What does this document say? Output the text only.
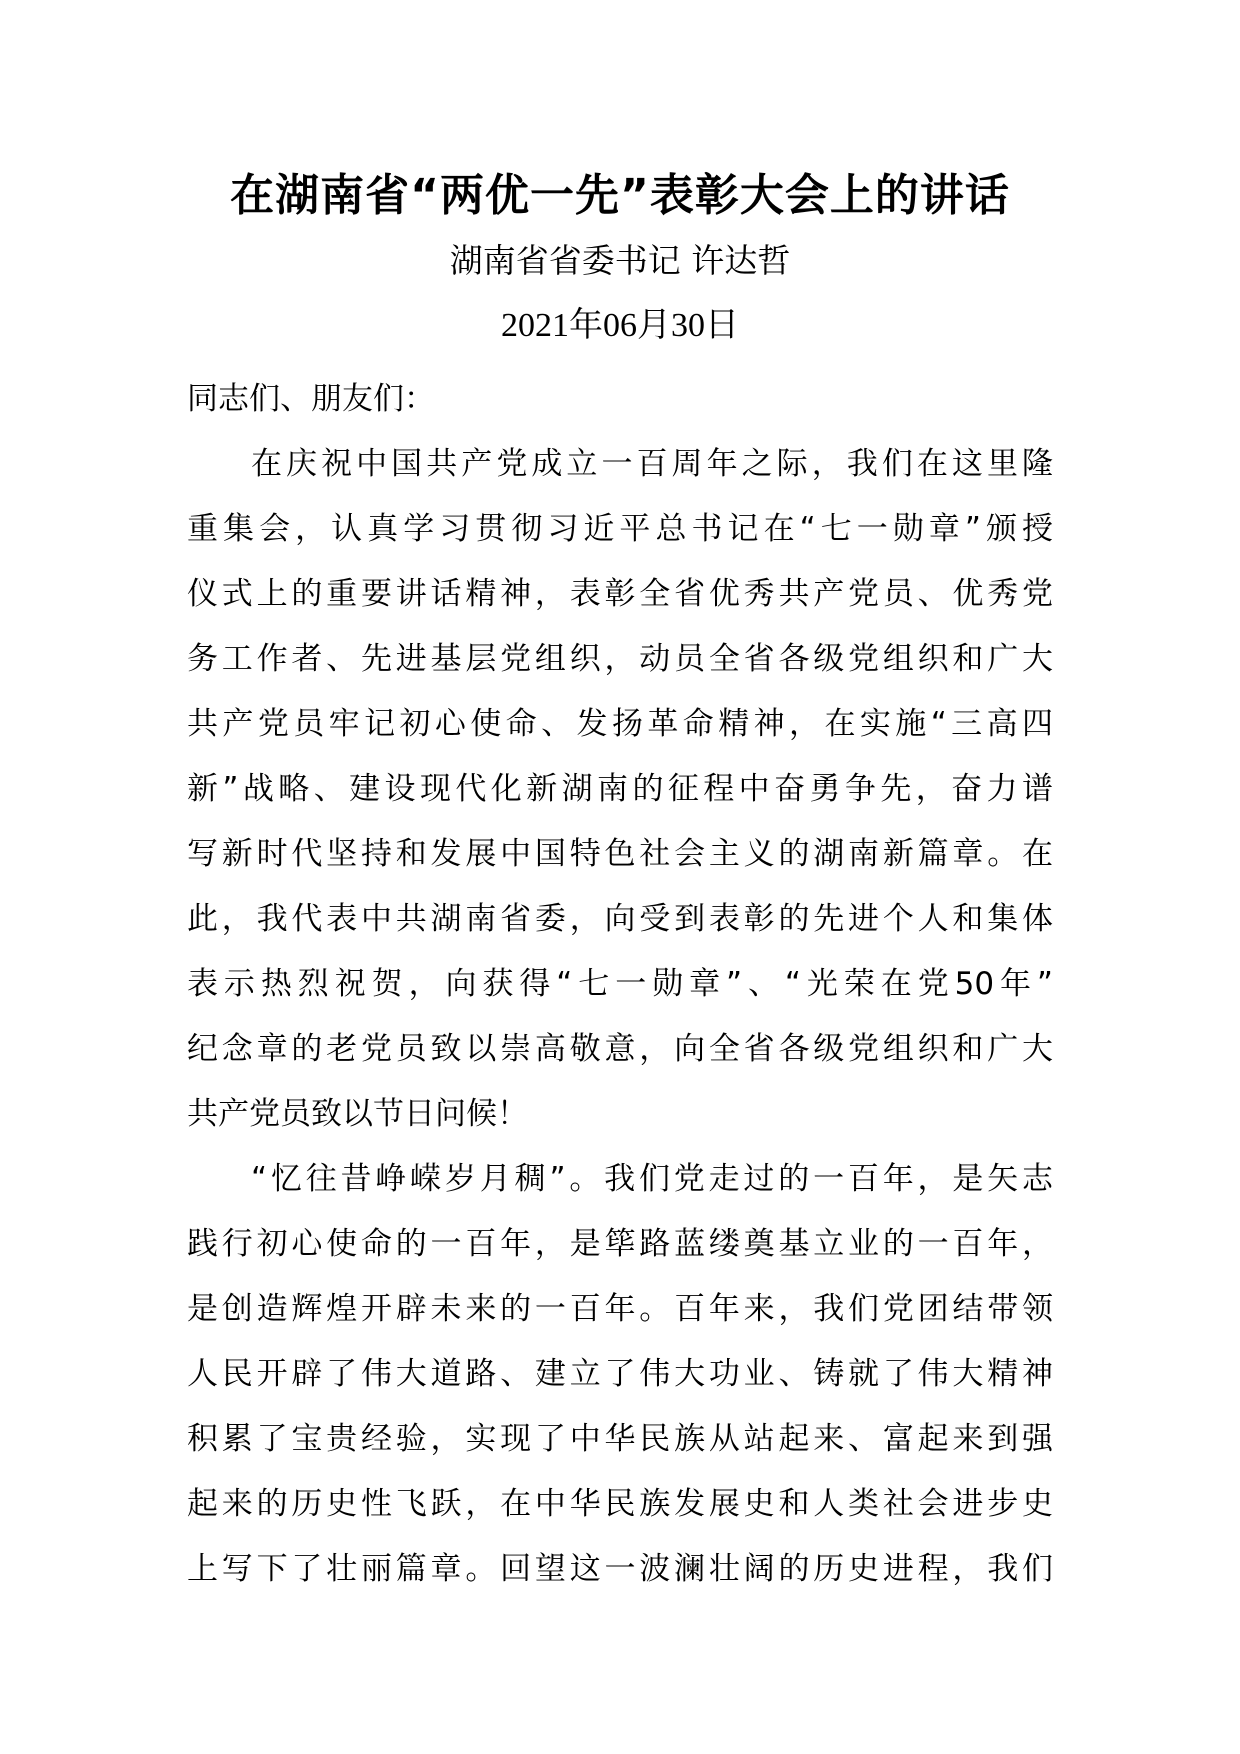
在湖南省“两优一先”表彰大会上的讲话
湖南省省委书记 许达哲
2021年06月30日

同志们、朋友们：

在庆祝中国共产党成立一百周年之际，我们在这里隆
重集会，认真学习贯彻习近平总书记在“七一勋章”颁授
仪式上的重要讲话精神，表彰全省优秀共产党员、优秀党
务工作者、先进基层党组织，动员全省各级党组织和广大
共产党员牢记初心使命、发扬革命精神，在实施“三高四
新”战略、建设现代化新湖南的征程中奋勇争先，奋力谱
写新时代坚持和发展中国特色社会主义的湖南新篇章。在
此，我代表中共湖南省委，向受到表彰的先进个人和集体
表示热烈祝贺，向获得“七一勋章”、“光荣在党50年”
纪念章的老党员致以崇高敬意，向全省各级党组织和广大
共产党员致以节日问候！

“忆往昔峥嵘岁月稠”。我们党走过的一百年，是矢志
践行初心使命的一百年，是筚路蓝缕奠基立业的一百年，
是创造辉煌开辟未来的一百年。百年来，我们党团结带领
人民开辟了伟大道路、建立了伟大功业、铸就了伟大精神
积累了宝贵经验，实现了中华民族从站起来、富起来到强
起来的历史性飞跃，在中华民族发展史和人类社会进步史
上写下了壮丽篇章。回望这一波澜壮阔的历史进程，我们
